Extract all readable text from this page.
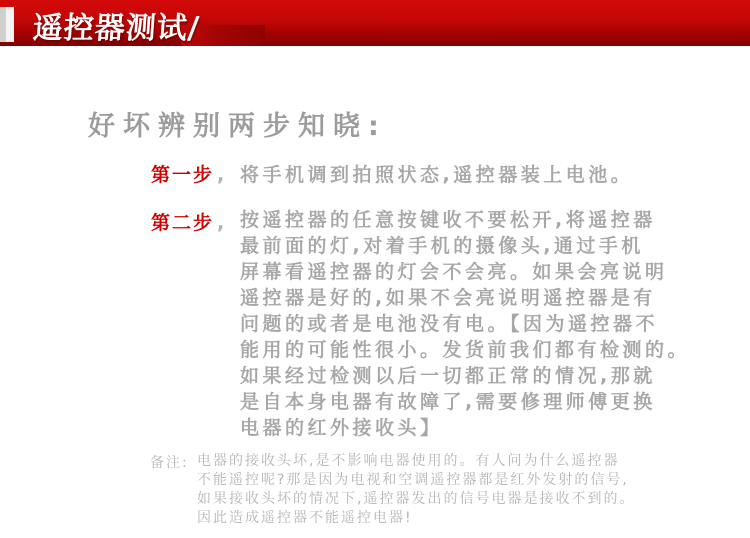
遥控器测试/
好坏辨别两步知晓:
第一步 , 将手机调到拍照状态,遥控器装上电池。
第二步 , 按遥控器的任意按键收不要松开,将遥控器
最前面的灯,对着手机的摄像头,通过手机
屏幕看遥控器的灯会不会亮。如果会亮说明
遥控器是好的,如果不会亮说明遥控器是有
问题的或者是电池没有电。【因为遥控器不
能用的可能性很小。发货前我们都有检测的。
如果经过检测以后一切都正常的情况,那就
是自本身电器有故障了,需要修理师傅更换
电器的红外接收头】
备注: 电器的接收头坏,是不影响电器使用的。有人问为什么遥控器
不能遥控呢?那是因为电视和空调遥控器都是红外发射的信号,
如果接收头坏的情况下,遥控器发出的信号电器是接收不到的。
因此造成遥控器不能遥控电器!
